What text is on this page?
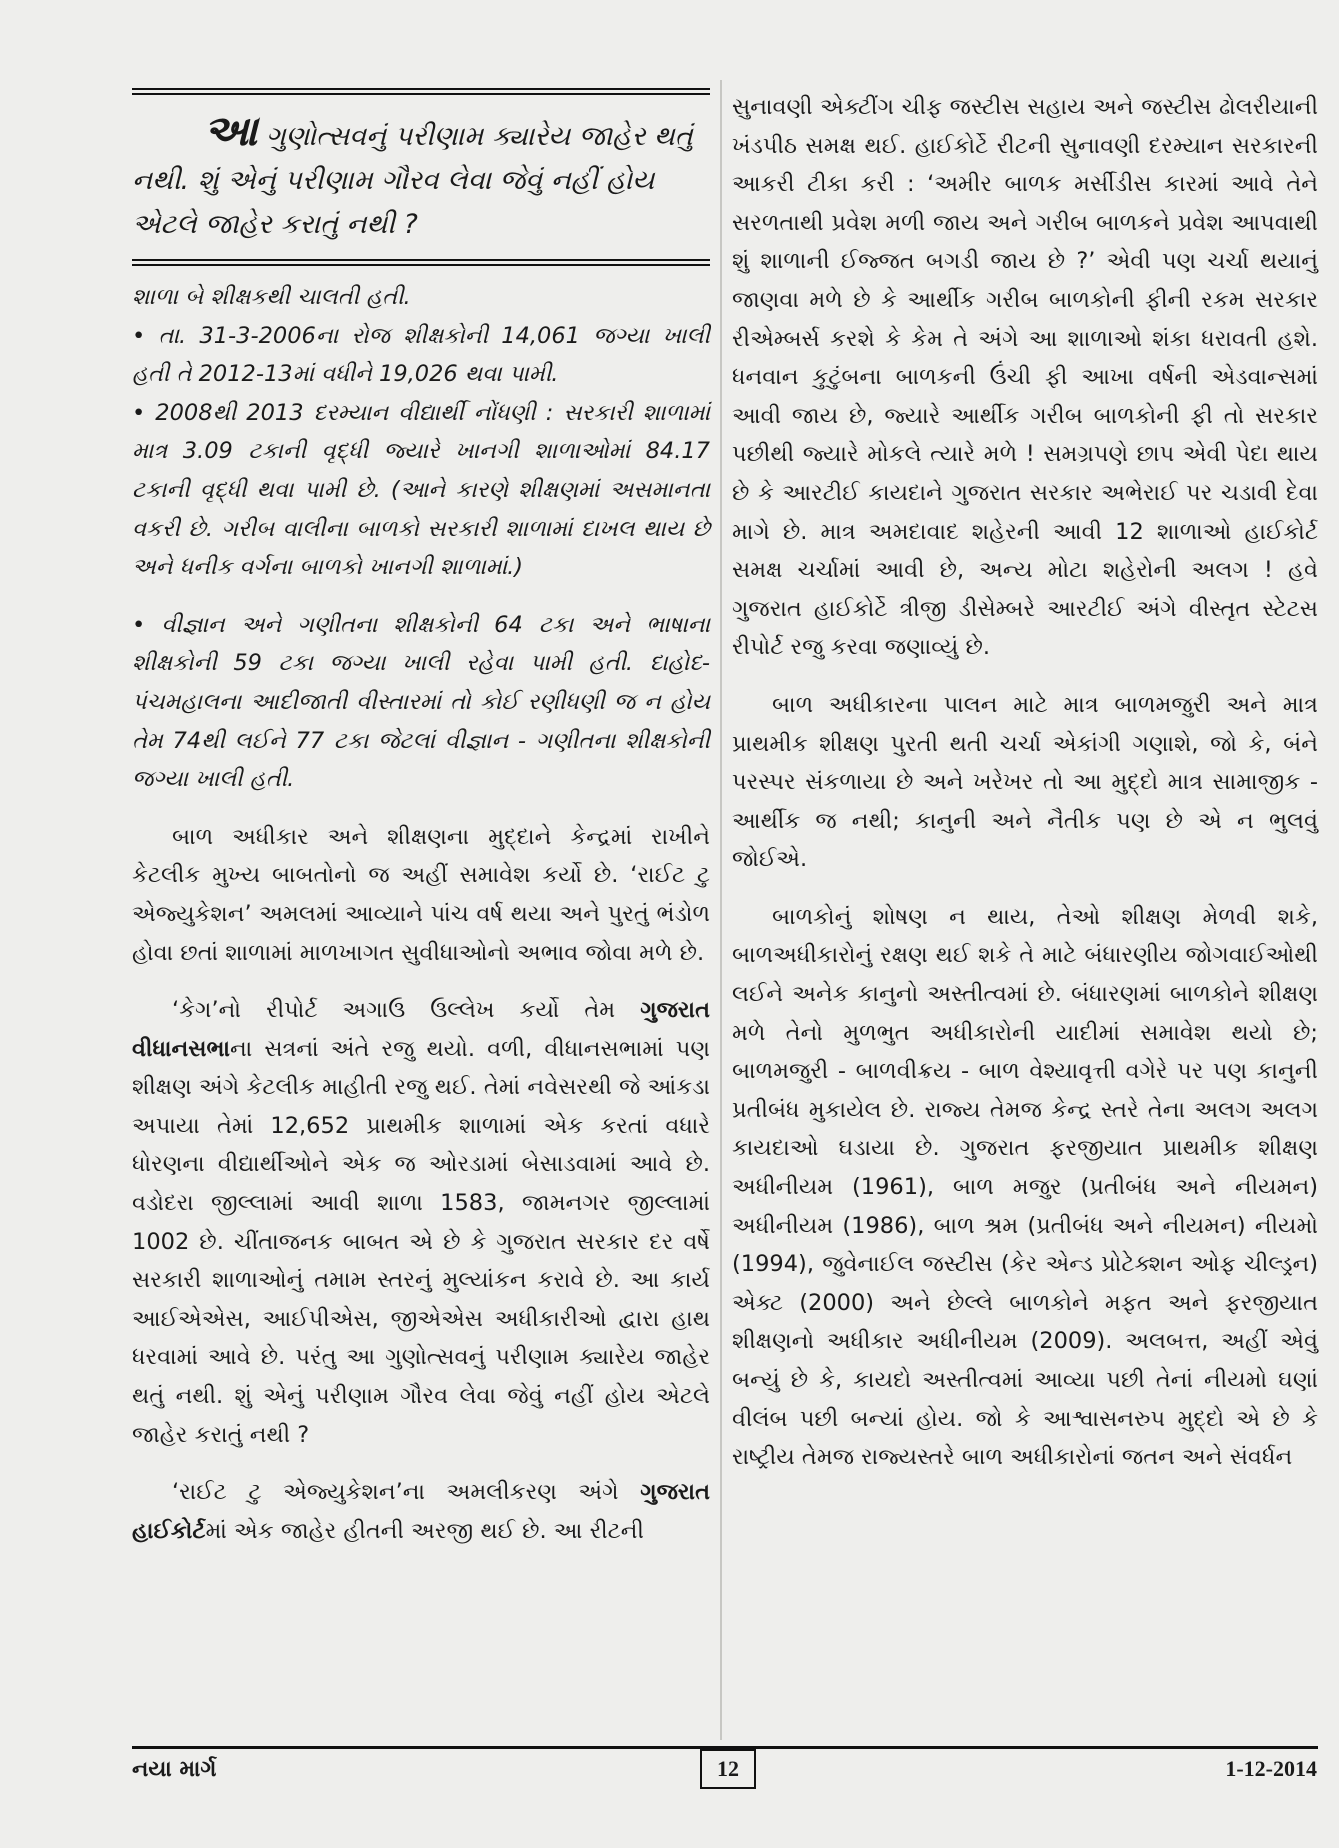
આ ગુણોત્સવનું પરીણામ ક્યારેય જાહેર થતું નથી. શું એનું પરીણામ ગૌરવ લેવા જેવું નહીં હોય એટલે જાહેર કરાતું નથી ?

શાળા બે શીક્ષકથી ચાલતી હતી.

• તા. 31-3-2006ના રોજ શીક્ષકોની 14,061 જગ્યા ખાલી હતી તે 2012-13માં વધીને 19,026 થવા પામી.

• 2008થી 2013 દરમ્યાન વીદ્યાર્થી નોંધણી : સરકારી શાળામાં માત્ર 3.09 ટકાની વૃદ્ધી જ્યારે ખાનગી શાળાઓમાં 84.17 ટકાની વૃદ્ધી થવા પામી છે. (આને કારણે શીક્ષણમાં અસમાનતા વકરી છે. ગરીબ વાલીના બાળકો સરકારી શાળામાં દાખલ થાય છે અને ધનીક વર્ગના બાળકો ખાનગી શાળામાં.)

• વીજ્ઞાન અને ગણીતના શીક્ષકોની 64 ટકા અને ભાષાના શીક્ષકોની 59 ટકા જગ્યા ખાલી રહેવા પામી હતી. દાહોદ-પંચમહાલના આદીજાતી વીસ્તારમાં તો કોઈ રણીધણી જ ન હોય તેમ 74થી લઈને 77 ટકા જેટલાં વીજ્ઞાન - ગણીતના શીક્ષકોની જગ્યા ખાલી હતી.

બાળ અધીકાર અને શીક્ષણના મુદ્દાને કેન્દ્રમાં રાખીને કેટલીક મુખ્ય બાબતોનો જ અહીં સમાવેશ કર્યો છે. ‘રાઈટ ટુ એજ્યુકેશન’ અમલમાં આવ્યાને પાંચ વર્ષ થયા અને પુરતું ભંડોળ હોવા છતાં શાળામાં માળખાગત સુવીધાઓનો અભાવ જોવા મળે છે.

‘કેગ’નો રીપોર્ટ અગાઉ ઉલ્લેખ કર્યો તેમ ગુજરાત વીધાનસભાના સત્રનાં અંતે રજુ થયો. વળી, વીધાનસભામાં પણ શીક્ષણ અંગે કેટલીક માહીતી રજુ થઈ. તેમાં નવેસરથી જે આંકડા અપાયા તેમાં 12,652 પ્રાથમીક શાળામાં એક કરતાં વધારે ધોરણના વીદ્યાર્થીઓને એક જ ઓરડામાં બેસાડવામાં આવે છે. વડોદરા જીલ્લામાં આવી શાળા 1583, જામનગર જીલ્લામાં 1002 છે. ચીંતાજનક બાબત એ છે કે ગુજરાત સરકાર દર વર્ષે સરકારી શાળાઓનું તમામ સ્તરનું મુલ્યાંકન કરાવે છે. આ કાર્ય આઈએએસ, આઈપીએસ, જીએએસ અધીકારીઓ દ્વારા હાથ ધરવામાં આવે છે. પરંતુ આ ગુણોત્સવનું પરીણામ ક્યારેય જાહેર થતું નથી. શું એનું પરીણામ ગૌરવ લેવા જેવું નહીં હોય એટલે જાહેર કરાતું નથી ?

‘રાઈટ ટુ એજ્યુકેશન’ના અમલીકરણ અંગે ગુજરાત હાઈકોર્ટમાં એક જાહેર હીતની અરજી થઈ છે. આ રીટની

સુનાવણી એક્ટીંગ ચીફ જસ્ટીસ સહાય અને જસ્ટીસ ઢોલરીયાની ખંડપીઠ સમક્ષ થઈ. હાઈકોર્ટે રીટની સુનાવણી દરમ્યાન સરકારની આકરી ટીકા કરી : ‘અમીર બાળક મર્સીડીસ કારમાં આવે તેને સરળતાથી પ્રવેશ મળી જાય અને ગરીબ બાળકને પ્રવેશ આપવાથી શું શાળાની ઈજ્જત બગડી જાય છે ?’ એવી પણ ચર્ચા થયાનું જાણવા મળે છે કે આર્થીક ગરીબ બાળકોની ફીની રકમ સરકાર રીએમ્બર્સ કરશે કે કેમ તે અંગે આ શાળાઓ શંકા ધરાવતી હશે. ધનવાન કુટુંબના બાળકની ઉંચી ફી આખા વર્ષની એડવાન્સમાં આવી જાય છે, જ્યારે આર્થીક ગરીબ બાળકોની ફી તો સરકાર પછીથી જ્યારે મોકલે ત્યારે મળે ! સમગ્રપણે છાપ એવી પેદા થાય છે કે આરટીઈ કાયદાને ગુજરાત સરકાર અભેરાઈ પર ચડાવી દેવા માગે છે. માત્ર અમદાવાદ શહેરની આવી 12 શાળાઓ હાઈકોર્ટ સમક્ષ ચર્ચામાં આવી છે, અન્ય મોટા શહેરોની અલગ ! હવે ગુજરાત હાઈકોર્ટે ત્રીજી ડીસેમ્બરે આરટીઈ અંગે વીસ્તૃત સ્ટેટસ રીપોર્ટ રજુ કરવા જણાવ્યું છે.

બાળ અધીકારના પાલન માટે માત્ર બાળમજુરી અને માત્ર પ્રાથમીક શીક્ષણ પુરતી થતી ચર્ચા એકાંગી ગણાશે, જો કે, બંને પરસ્પર સંકળાયા છે અને ખરેખર તો આ મુદ્દો માત્ર સામાજીક - આર્થીક જ નથી; કાનુની અને નૈતીક પણ છે એ ન ભુલવું જોઈએ.

બાળકોનું શોષણ ન થાય, તેઓ શીક્ષણ મેળવી શકે, બાળઅધીકારોનું રક્ષણ થઈ શકે તે માટે બંધારણીય જોગવાઈઓથી લઈને અનેક કાનુનો અસ્તીત્વમાં છે. બંધારણમાં બાળકોને શીક્ષણ મળે તેનો મુળભુત અધીકારોની યાદીમાં સમાવેશ થયો છે; બાળમજુરી - બાળવીક્રય - બાળ વેશ્યાવૃત્તી વગેરે પર પણ કાનુની પ્રતીબંધ મુકાયેલ છે. રાજ્ય તેમજ કેન્દ્ર સ્તરે તેના અલગ અલગ કાયદાઓ ઘડાયા છે. ગુજરાત ફરજીયાત પ્રાથમીક શીક્ષણ અધીનીયમ (1961), બાળ મજુર (પ્રતીબંધ અને નીયમન) અધીનીયમ (1986), બાળ શ્રમ (પ્રતીબંધ અને નીયમન) નીયમો (1994), જુવેનાઈલ જસ્ટીસ (કેર એન્ડ પ્રોટેક્શન ઓફ ચીલ્ડ્રન) એક્ટ (2000) અને છેલ્લે બાળકોને મફત અને ફરજીયાત શીક્ષણનો અધીકાર અધીનીયમ (2009). અલબત્ત, અહીં એવું બન્યું છે કે, કાયદો અસ્તીત્વમાં આવ્યા પછી તેનાં નીયમો ઘણાં વીલંબ પછી બન્યાં હોય. જો કે આશ્વાસનરુપ મુદ્દો એ છે કે રાષ્ટ્રીય તેમજ રાજ્યસ્તરે બાળ અધીકારોનાં જતન અને સંવર્ધન

નયા માર્ગ	12	1-12-2014
